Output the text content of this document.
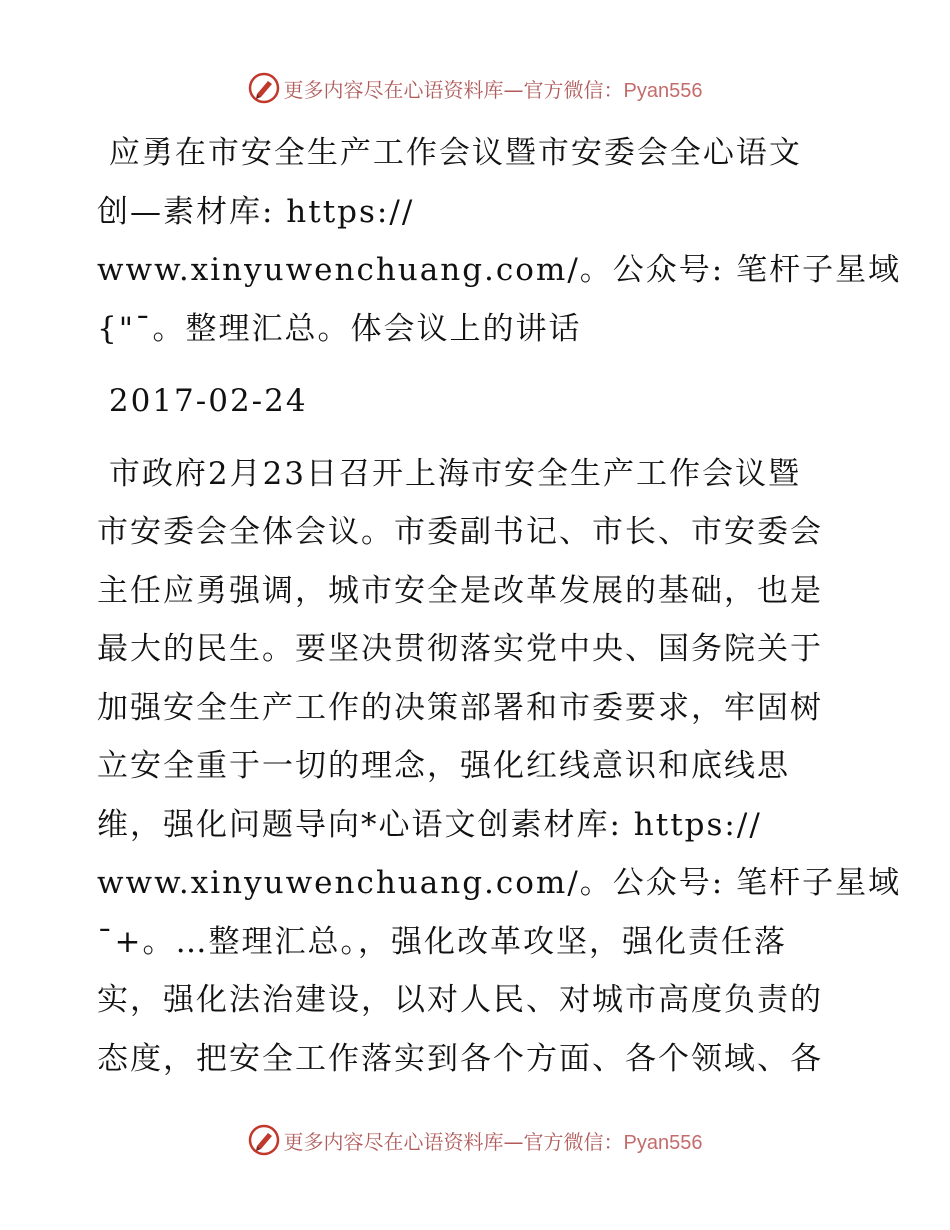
更多内容尽在心语资料库—官方微信：Pyan556
应勇在市安全生产工作会议暨市安委会全心语文
创—素材库: https://
www.xinyuwenchuang.com/。公众号: 笔杆子星域
{"¯。整理汇总。体会议上的讲话
2017-02-24
市政府2月23日召开上海市安全生产工作会议暨
市安委会全体会议。市委副书记、市长、市安委会
主任应勇强调，城市安全是改革发展的基础，也是
最大的民生。要坚决贯彻落实党中央、国务院关于
加强安全生产工作的决策部署和市委要求，牢固树
立安全重于一切的理念，强化红线意识和底线思
维，强化问题导向*心语文创素材库: https://
www.xinyuwenchuang.com/。公众号: 笔杆子星域
¯+。…整理汇总。，强化改革攻坚，强化责任落
实，强化法治建设，以对人民、对城市高度负责的
态度，把安全工作落实到各个方面、各个领域、各
更多内容尽在心语资料库—官方微信：Pyan556
